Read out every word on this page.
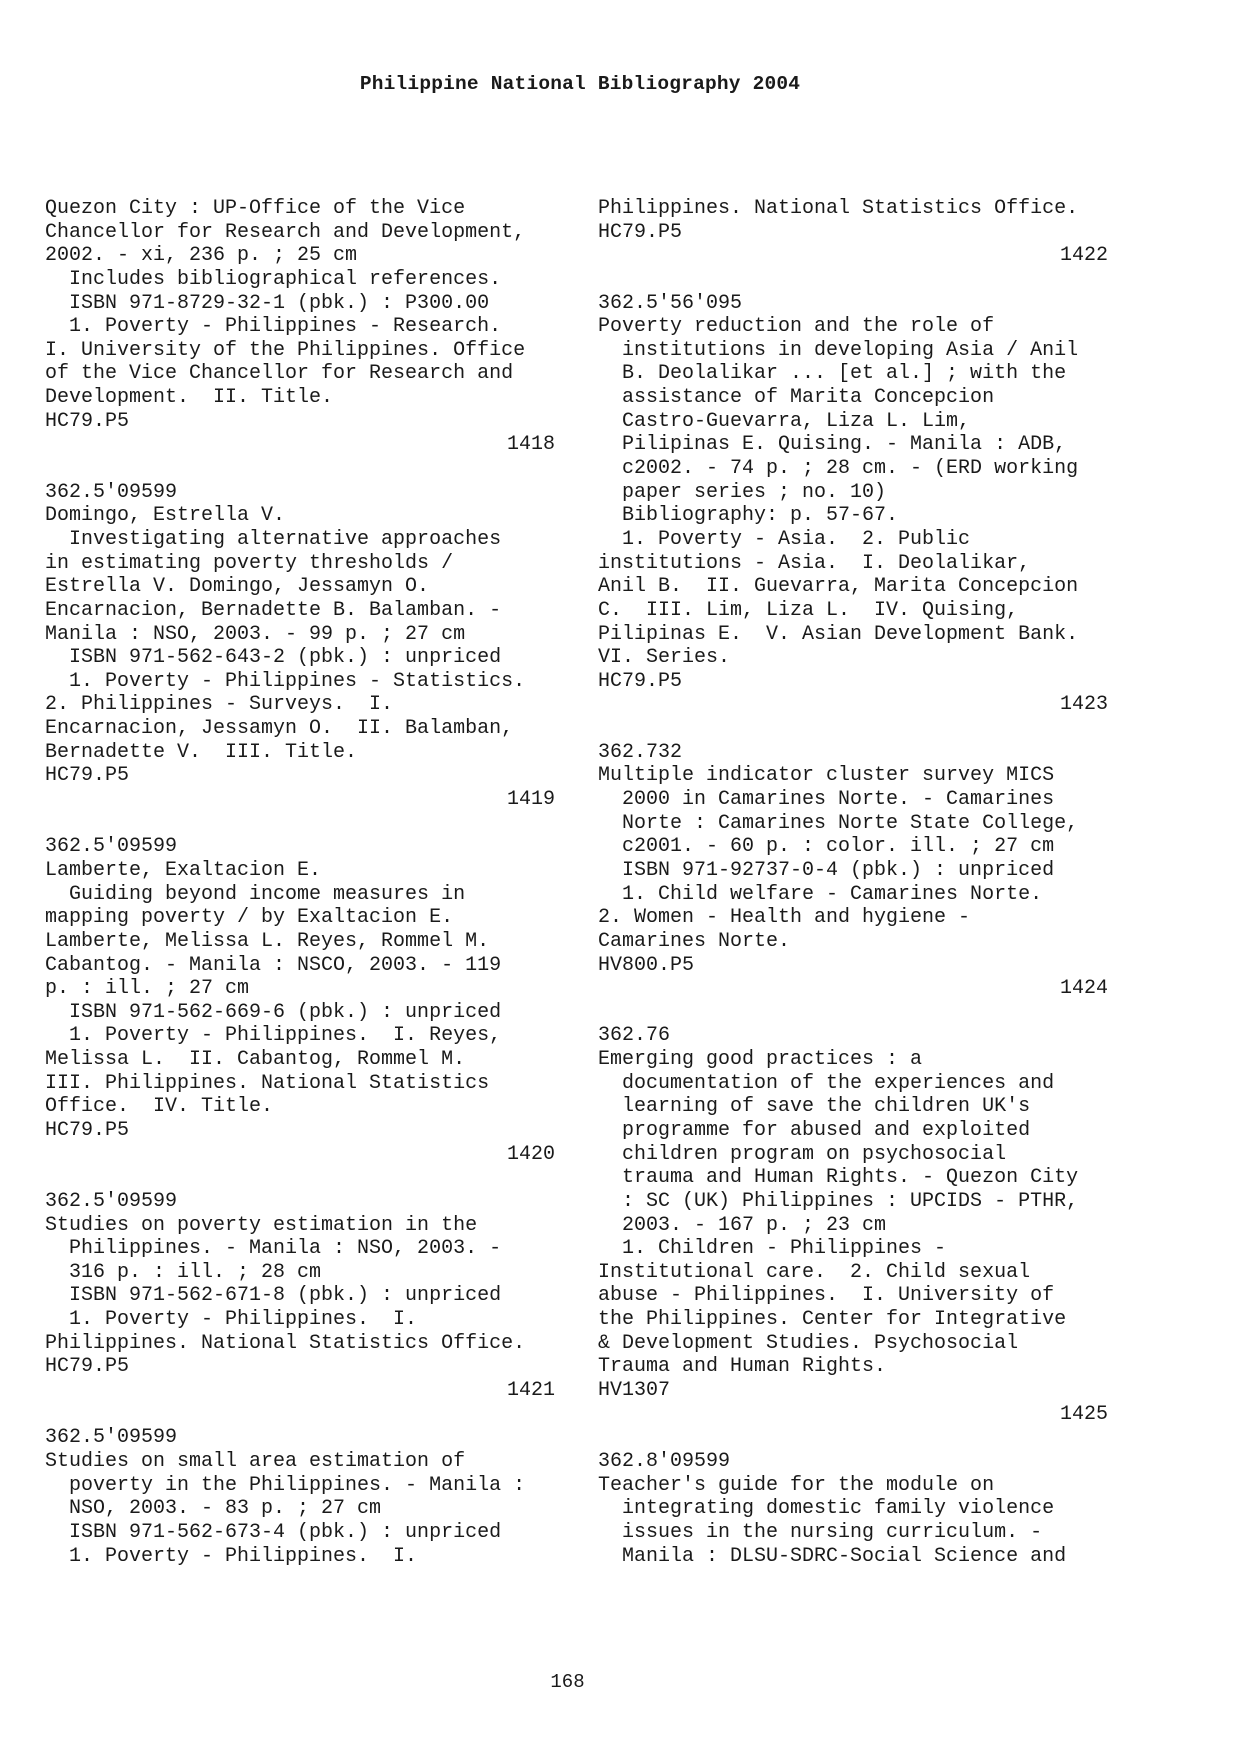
Philippine National Bibliography 2004
Quezon City : UP-Office of the Vice
Chancellor for Research and Development,
2002. - xi, 236 p. ; 25 cm
Includes bibliographical references.
ISBN 971-8729-32-1 (pbk.) : P300.00
1. Poverty - Philippines - Research.
I. University of the Philippines. Office
of the Vice Chancellor for Research and
Development.  II. Title.
HC79.P5
1418
362.5'09599
Domingo, Estrella V.
Investigating alternative approaches
in estimating poverty thresholds /
Estrella V. Domingo, Jessamyn O.
Encarnacion, Bernadette B. Balamban. -
Manila : NSO, 2003. - 99 p. ; 27 cm
ISBN 971-562-643-2 (pbk.) : unpriced
1. Poverty - Philippines - Statistics.
2. Philippines - Surveys.  I.
Encarnacion, Jessamyn O.  II. Balamban,
Bernadette V.  III. Title.
HC79.P5
1419
362.5'09599
Lamberte, Exaltacion E.
Guiding beyond income measures in
mapping poverty / by Exaltacion E.
Lamberte, Melissa L. Reyes, Rommel M.
Cabantog. - Manila : NSCO, 2003. - 119
p. : ill. ; 27 cm
ISBN 971-562-669-6 (pbk.) : unpriced
1. Poverty - Philippines.  I. Reyes,
Melissa L.  II. Cabantog, Rommel M.
III. Philippines. National Statistics
Office.  IV. Title.
HC79.P5
1420
362.5'09599
Studies on poverty estimation in the
Philippines. - Manila : NSO, 2003. -
316 p. : ill. ; 28 cm
ISBN 971-562-671-8 (pbk.) : unpriced
1. Poverty - Philippines.  I.
Philippines. National Statistics Office.
HC79.P5
1421
362.5'09599
Studies on small area estimation of
poverty in the Philippines. - Manila :
NSO, 2003. - 83 p. ; 27 cm
ISBN 971-562-673-4 (pbk.) : unpriced
1. Poverty - Philippines.  I.
Philippines. National Statistics Office.
HC79.P5
1422
362.5'56'095
Poverty reduction and the role of
institutions in developing Asia / Anil
B. Deolalikar ... [et al.] ; with the
assistance of Marita Concepcion
Castro-Guevarra, Liza L. Lim,
Pilipinas E. Quising. - Manila : ADB,
c2002. - 74 p. ; 28 cm. - (ERD working
paper series ; no. 10)
Bibliography: p. 57-67.
1. Poverty - Asia.  2. Public
institutions - Asia.  I. Deolalikar,
Anil B.  II. Guevarra, Marita Concepcion
C.  III. Lim, Liza L.  IV. Quising,
Pilipinas E.  V. Asian Development Bank.
VI. Series.
HC79.P5
1423
362.732
Multiple indicator cluster survey MICS
2000 in Camarines Norte. - Camarines
Norte : Camarines Norte State College,
c2001. - 60 p. : color. ill. ; 27 cm
ISBN 971-92737-0-4 (pbk.) : unpriced
1. Child welfare - Camarines Norte.
2. Women - Health and hygiene -
Camarines Norte.
HV800.P5
1424
362.76
Emerging good practices : a
documentation of the experiences and
learning of save the children UK's
programme for abused and exploited
children program on psychosocial
trauma and Human Rights. - Quezon City
: SC (UK) Philippines : UPCIDS - PTHR,
2003. - 167 p. ; 23 cm
1. Children - Philippines -
Institutional care.  2. Child sexual
abuse - Philippines.  I. University of
the Philippines. Center for Integrative
& Development Studies. Psychosocial
Trauma and Human Rights.
HV1307
1425
362.8'09599
Teacher's guide for the module on
integrating domestic family violence
issues in the nursing curriculum. -
Manila : DLSU-SDRC-Social Science and
168
